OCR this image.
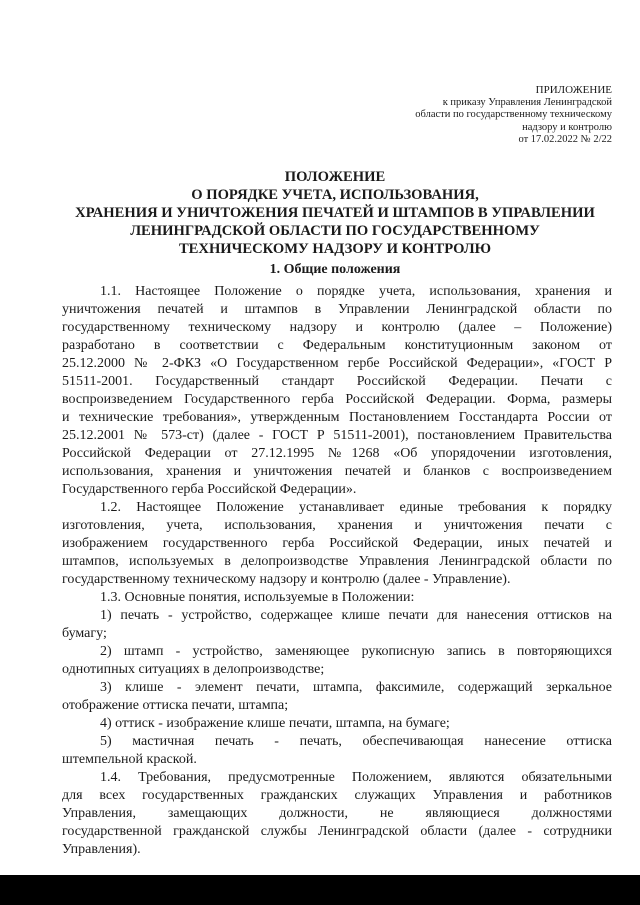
ПРИЛОЖЕНИЕ
к приказу Управления Ленинградской
области по государственному техническому
надзору и контролю
от 17.02.2022 № 2/22
ПОЛОЖЕНИЕ
О ПОРЯДКЕ УЧЕТА, ИСПОЛЬЗОВАНИЯ,
ХРАНЕНИЯ И УНИЧТОЖЕНИЯ ПЕЧАТЕЙ И ШТАМПОВ В УПРАВЛЕНИИ
ЛЕНИНГРАДСКОЙ ОБЛАСТИ ПО ГОСУДАРСТВЕННОМУ
ТЕХНИЧЕСКОМУ НАДЗОРУ И КОНТРОЛЮ
1. Общие положения
1.1. Настоящее Положение о порядке учета, использования, хранения и
уничтожения печатей и штампов в Управлении Ленинградской области по
государственному техническому надзору и контролю (далее – Положение)
разработано в соответствии с Федеральным конституционным законом от
25.12.2000 № 2-ФКЗ «О Государственном гербе Российской Федерации», «ГОСТ Р
51511-2001. Государственный стандарт Российской Федерации. Печати с
воспроизведением Государственного герба Российской Федерации. Форма, размеры
и технические требования», утвержденным Постановлением Госстандарта России от
25.12.2001 № 573-ст) (далее - ГОСТ Р 51511-2001), постановлением Правительства
Российской Федерации от 27.12.1995 №1268 «Об упорядочении изготовления,
использования, хранения и уничтожения печатей и бланков с воспроизведением
Государственного герба Российской Федерации».
1.2. Настоящее Положение устанавливает единые требования к порядку
изготовления, учета, использования, хранения и уничтожения печати с
изображением государственного герба Российской Федерации, иных печатей и
штампов, используемых в делопроизводстве Управления Ленинградской области по
государственному техническому надзору и контролю (далее - Управление).
1.3. Основные понятия, используемые в Положении:
1) печать - устройство, содержащее клише печати для нанесения оттисков на
бумагу;
2) штамп - устройство, заменяющее рукописную запись в повторяющихся
однотипных ситуациях в делопроизводстве;
3) клише - элемент печати, штампа, факсимиле, содержащий зеркальное
отображение оттиска печати, штампа;
4) оттиск - изображение клише печати, штампа, на бумаге;
5) мастичная печать - печать, обеспечивающая нанесение оттиска
штемпельной краской.
1.4. Требования, предусмотренные Положением, являются обязательными
для всех государственных гражданских служащих Управления и работников
Управления, замещающих должности, не являющиеся должностями
государственной гражданской службы Ленинградской области (далее - сотрудники
Управления).
